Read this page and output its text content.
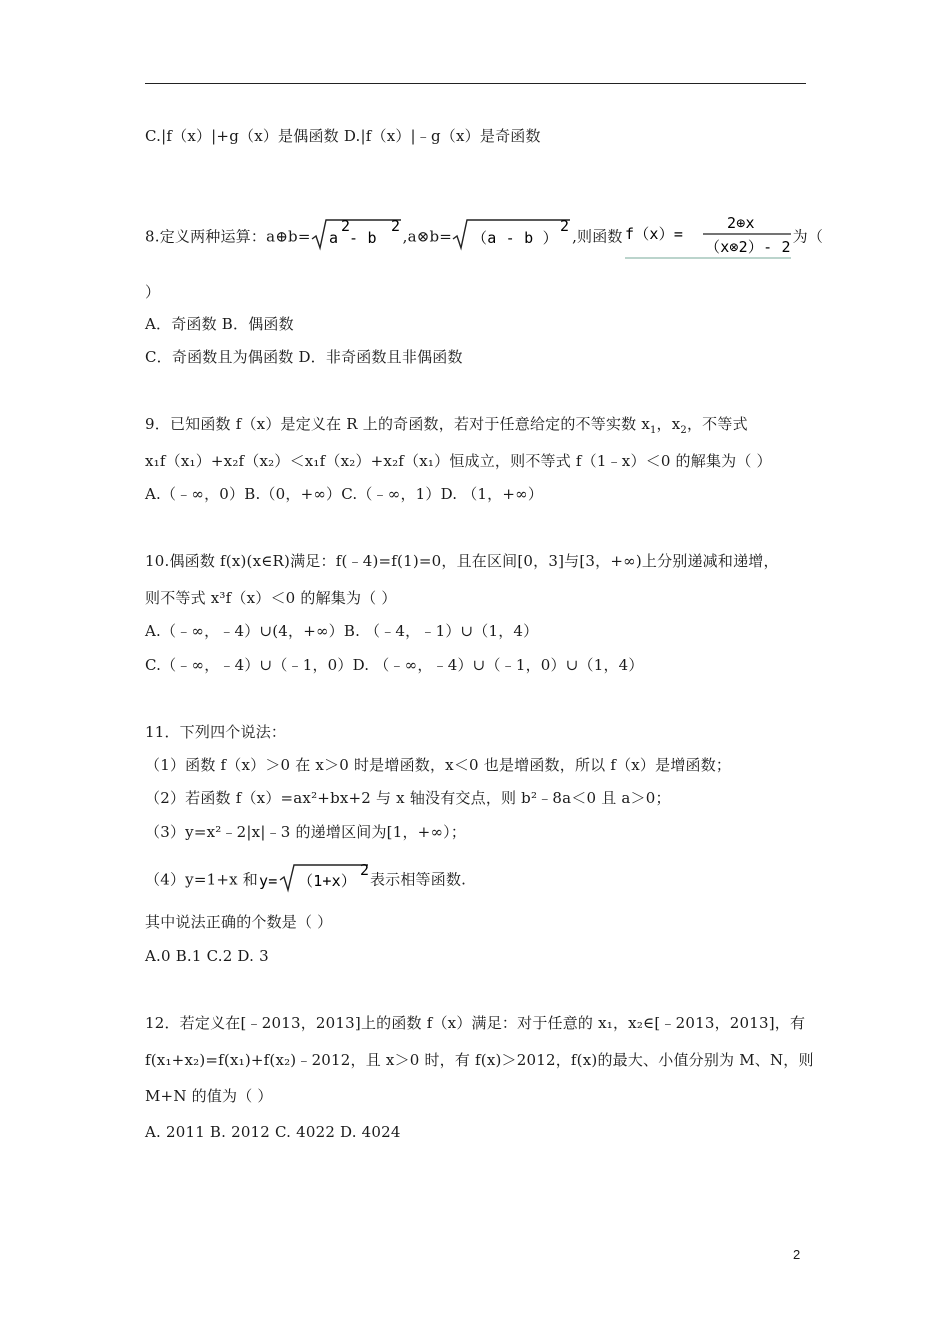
C.|f（x）|+g（x）是偶函数 D.|f（x）|﹣g（x）是奇函数
8.定义两种运算：a⊕b= a
2
- b
2
,a⊗b= （a - b ）
2
,则函数 f（x）=
2⊕x
（x⊗2）- 2
为（
）
A．奇函数 B．偶函数
C．奇函数且为偶函数 D．非奇函数且非偶函数
9．已知函数 f（x）是定义在 R 上的奇函数，若对于任意给定的不等实数 $x_1$，$x_2$，不等式
x₁f（x₁）+x₂f（x₂）＜x₁f（x₂）+x₂f（x₁）恒成立，则不等式 f（1﹣x）＜0 的解集为（ ）
A.（﹣∞，0）B.（0，+∞）C.（﹣∞，1）D. （1，+∞）
10.偶函数 f(x)(x∈R)满足：f(﹣4)=f(1)=0，且在区间[0，3]与[3，+∞)上分别递减和递增，
则不等式 x³f（x）＜0 的解集为（ ）
A.（﹣∞，﹣4）∪(4，+∞）B. （﹣4，﹣1）∪（1，4）
C.（﹣∞，﹣4）∪（﹣1，0）D. （﹣∞，﹣4）∪（﹣1，0）∪（1，4）
11．下列四个说法：
（1）函数 f（x）＞0 在 x＞0 时是增函数，x＜0 也是增函数，所以 f（x）是增函数；
（2）若函数 f（x）=ax²+bx+2 与 x 轴没有交点，则 b²﹣8a＜0 且 a＞0；
（3）y=x²﹣2|x|﹣3 的递增区间为[1，+∞）；
（4）y=1+x 和 y= （1+x）
2
表示相等函数.
其中说法正确的个数是（ ）
A.0 B.1 C.2 D. 3
12．若定义在[﹣2013，2013]上的函数 f（x）满足：对于任意的 x₁，x₂∈[﹣2013，2013]，有
f(x₁+x₂)=f(x₁)+f(x₂)﹣2012，且 x＞0 时，有 f(x)＞2012，f(x)的最大、小值分别为 M、N，则
M+N 的值为（ ）
A. 2011 B. 2012 C. 4022 D. 4024
2
